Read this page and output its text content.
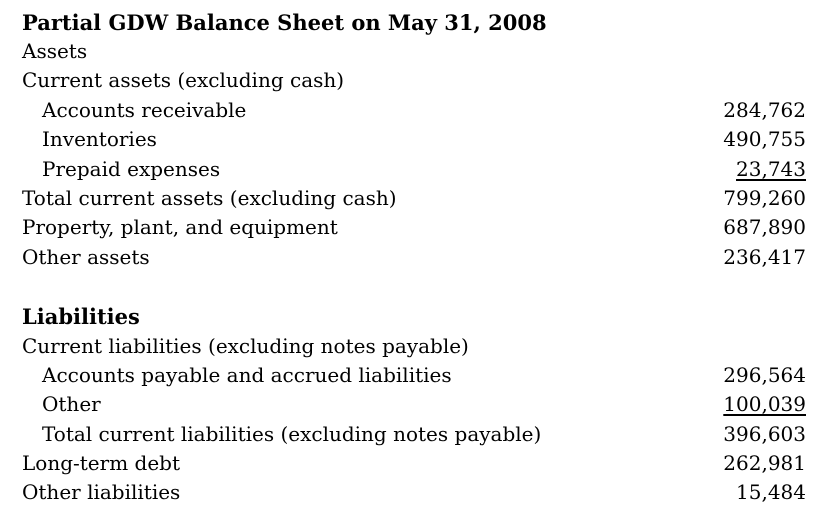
Partial GDW Balance Sheet on May 31, 2008
Assets
Current assets (excluding cash)
Accounts receivable	284,762
Inventories	490,755
Prepaid expenses	23,743
Total current assets (excluding cash)	799,260
Property, plant, and equipment	687,890
Other assets	236,417
Liabilities
Current liabilities (excluding notes payable)
Accounts payable and accrued liabilities	296,564
Other	100,039
Total current liabilities (excluding notes payable)	396,603
Long-term debt	262,981
Other liabilities	15,484
